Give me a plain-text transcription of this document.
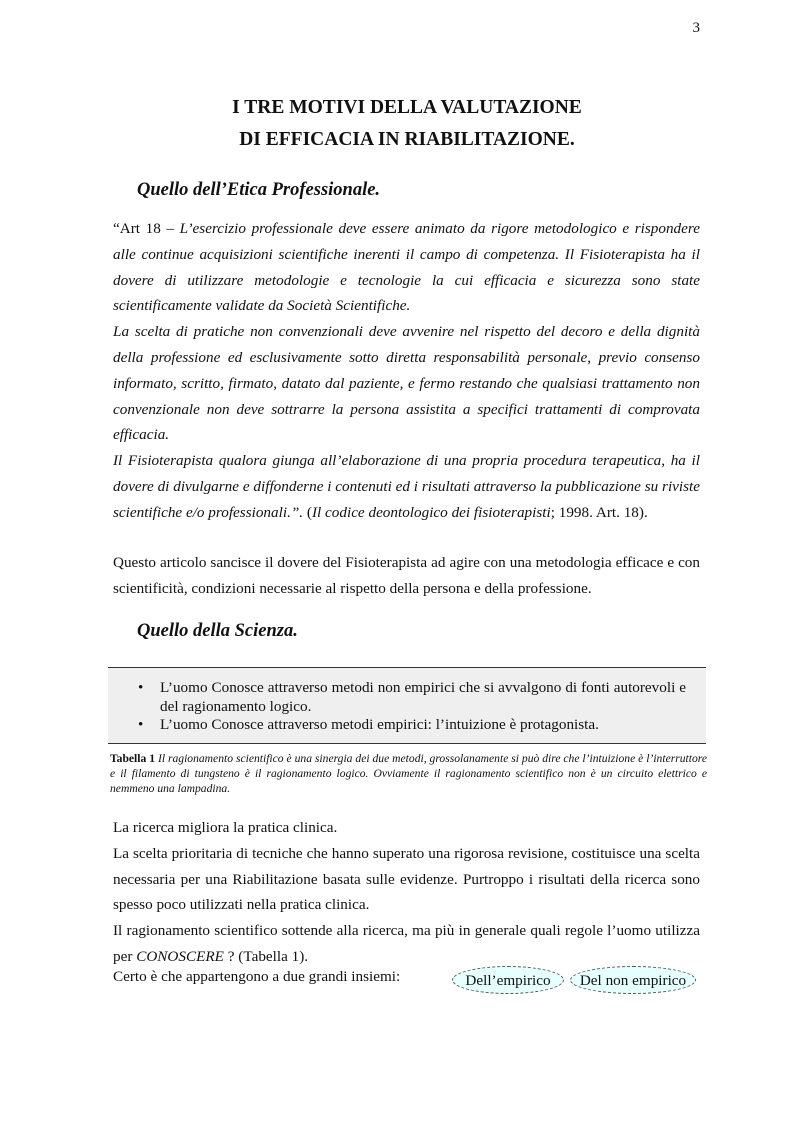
3
I TRE MOTIVI DELLA VALUTAZIONE
DI EFFICACIA IN RIABILITAZIONE.
Quello dell’Etica Professionale.

“Art 18 – L’esercizio professionale deve essere animato da rigore metodologico e rispondere alle continue acquisizioni scientifiche inerenti il campo di competenza. Il Fisioterapista ha il dovere di utilizzare metodologie e tecnologie la cui efficacia e sicurezza sono state scientificamente validate da Società Scientifiche.
La scelta di pratiche non convenzionali deve avvenire nel rispetto del decoro e della dignità della professione ed esclusivamente sotto diretta responsabilità personale, previo consenso informato, scritto, firmato, datato dal paziente, e fermo restando che qualsiasi trattamento non convenzionale non deve sottrarre la persona assistita a specifici trattamenti di comprovata efficacia.
Il Fisioterapista qualora giunga all’elaborazione di una propria procedura terapeutica, ha il dovere di divulgarne e diffonderne i contenuti ed i risultati attraverso la pubblicazione su riviste scientifiche e/o professionali.”. (Il codice deontologico dei fisioterapisti; 1998. Art. 18).

Questo articolo sancisce il dovere del Fisioterapista ad agire con una metodologia efficace e con scientificità, condizioni necessarie al rispetto della persona e della professione.

Quello della Scienza.
• L’uomo Conosce attraverso metodi non empirici che si avvalgono di fonti autorevoli e del ragionamento logico.
• L’uomo Conosce attraverso metodi empirici: l’intuizione è protagonista.

Tabella 1 Il ragionamento scientifico è una sinergia dei due metodi, grossolanamente si può dire che l’intuizione è l’interruttore e il filamento di tungsteno è il ragionamento logico. Ovviamente il ragionamento scientifico non è un circuito elettrico e nemmeno una lampadina.

La ricerca migliora la pratica clinica.
La scelta prioritaria di tecniche che hanno superato una rigorosa revisione, costituisce una scelta necessaria per una Riabilitazione basata sulle evidenze. Purtroppo i risultati della ricerca sono spesso poco utilizzati nella pratica clinica.
Il ragionamento scientifico sottende alla ricerca, ma più in generale quali regole l’uomo utilizza per CONOSCERE ? (Tabella 1).

Certo è che appartengono a due grandi insiemi:	Dell’empirico	Del non empirico
